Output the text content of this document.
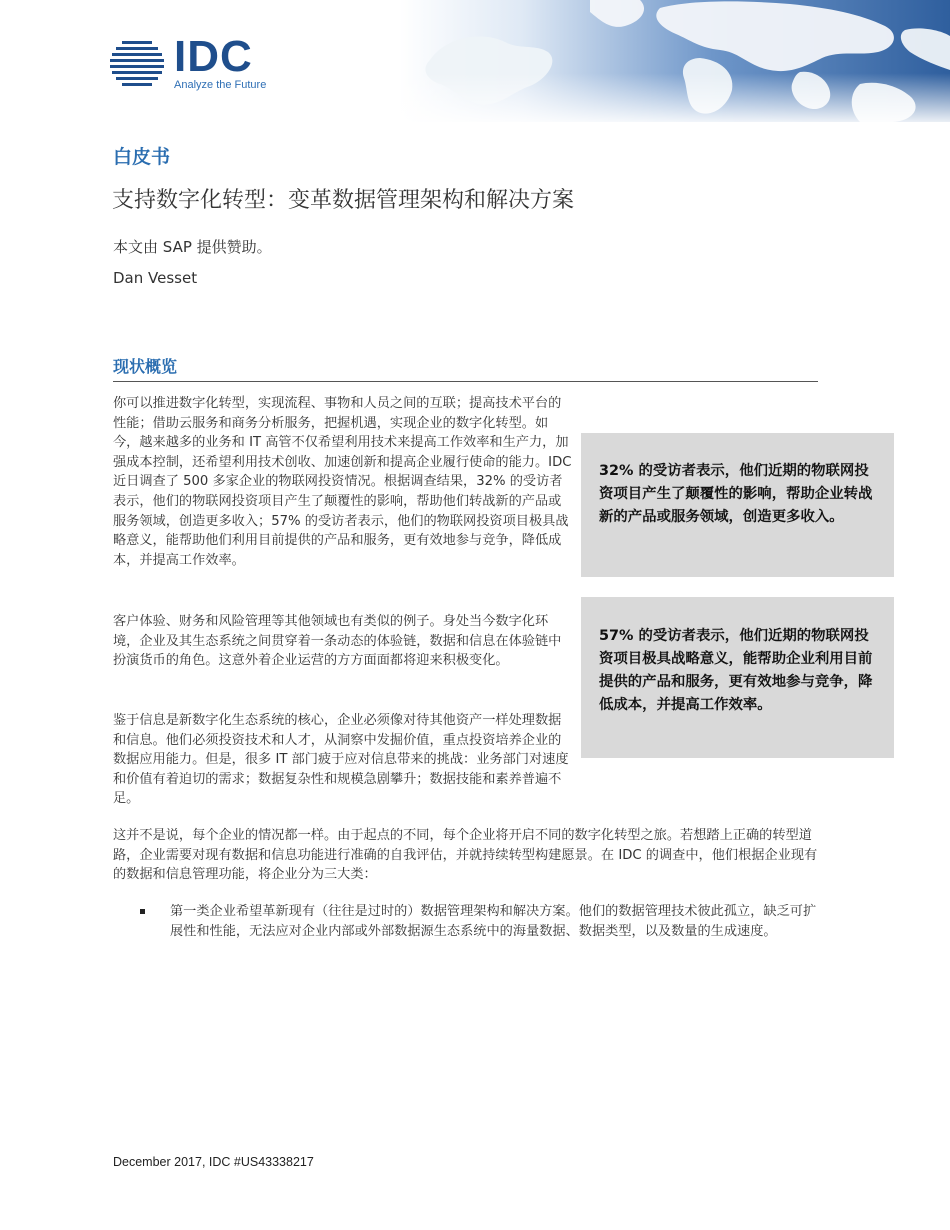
IDC
Analyze the Future
白皮书
支持数字化转型：变革数据管理架构和解决方案
本文由 SAP 提供赞助。
Dan Vesset
现状概览

你可以推进数字化转型，实现流程、事物和人员之间的互联；提高技术平台的性能；借助云服务和商务分析服务，把握机遇，实现企业的数字化转型。如今，越来越多的业务和 IT 高管不仅希望利用技术来提高工作效率和生产力，加强成本控制，还希望利用技术创收、加速创新和提高企业履行使命的能力。IDC 近日调查了 500 多家企业的物联网投资情况。根据调查结果，32% 的受访者表示，他们的物联网投资项目产生了颠覆性的影响，帮助他们转战新的产品或服务领域，创造更多收入；57% 的受访者表示，他们的物联网投资项目极具战略意义，能帮助他们利用目前提供的产品和服务，更有效地参与竞争，降低成本，并提高工作效率。

客户体验、财务和风险管理等其他领域也有类似的例子。身处当今数字化环境，企业及其生态系统之间贯穿着一条动态的体验链，数据和信息在体验链中扮演货币的角色。这意外着企业运营的方方面面都将迎来积极变化。

鉴于信息是新数字化生态系统的核心，企业必须像对待其他资产一样处理数据和信息。他们必须投资技术和人才，从洞察中发掘价值，重点投资培养企业的数据应用能力。但是，很多 IT 部门疲于应对信息带来的挑战：业务部门对速度和价值有着迫切的需求；数据复杂性和规模急剧攀升；数据技能和素养普遍不足。

这并不是说，每个企业的情况都一样。由于起点的不同，每个企业将开启不同的数字化转型之旅。若想踏上正确的转型道路，企业需要对现有数据和信息功能进行准确的自我评估，并就持续转型构建愿景。在 IDC 的调查中，他们根据企业现有的数据和信息管理功能，将企业分为三大类：

32% 的受访者表示，他们近期的物联网投资项目产生了颠覆性的影响，帮助企业转战新的产品或服务领域，创造更多收入。
57% 的受访者表示，他们近期的物联网投资项目极具战略意义，能帮助企业利用目前提供的产品和服务，更有效地参与竞争，降低成本，并提高工作效率。
第一类企业希望革新现有（往往是过时的）数据管理架构和解决方案。他们的数据管理技术彼此孤立，缺乏可扩展性和性能，无法应对企业内部或外部数据源生态系统中的海量数据、数据类型，以及数量的生成速度。
December 2017, IDC #US43338217
